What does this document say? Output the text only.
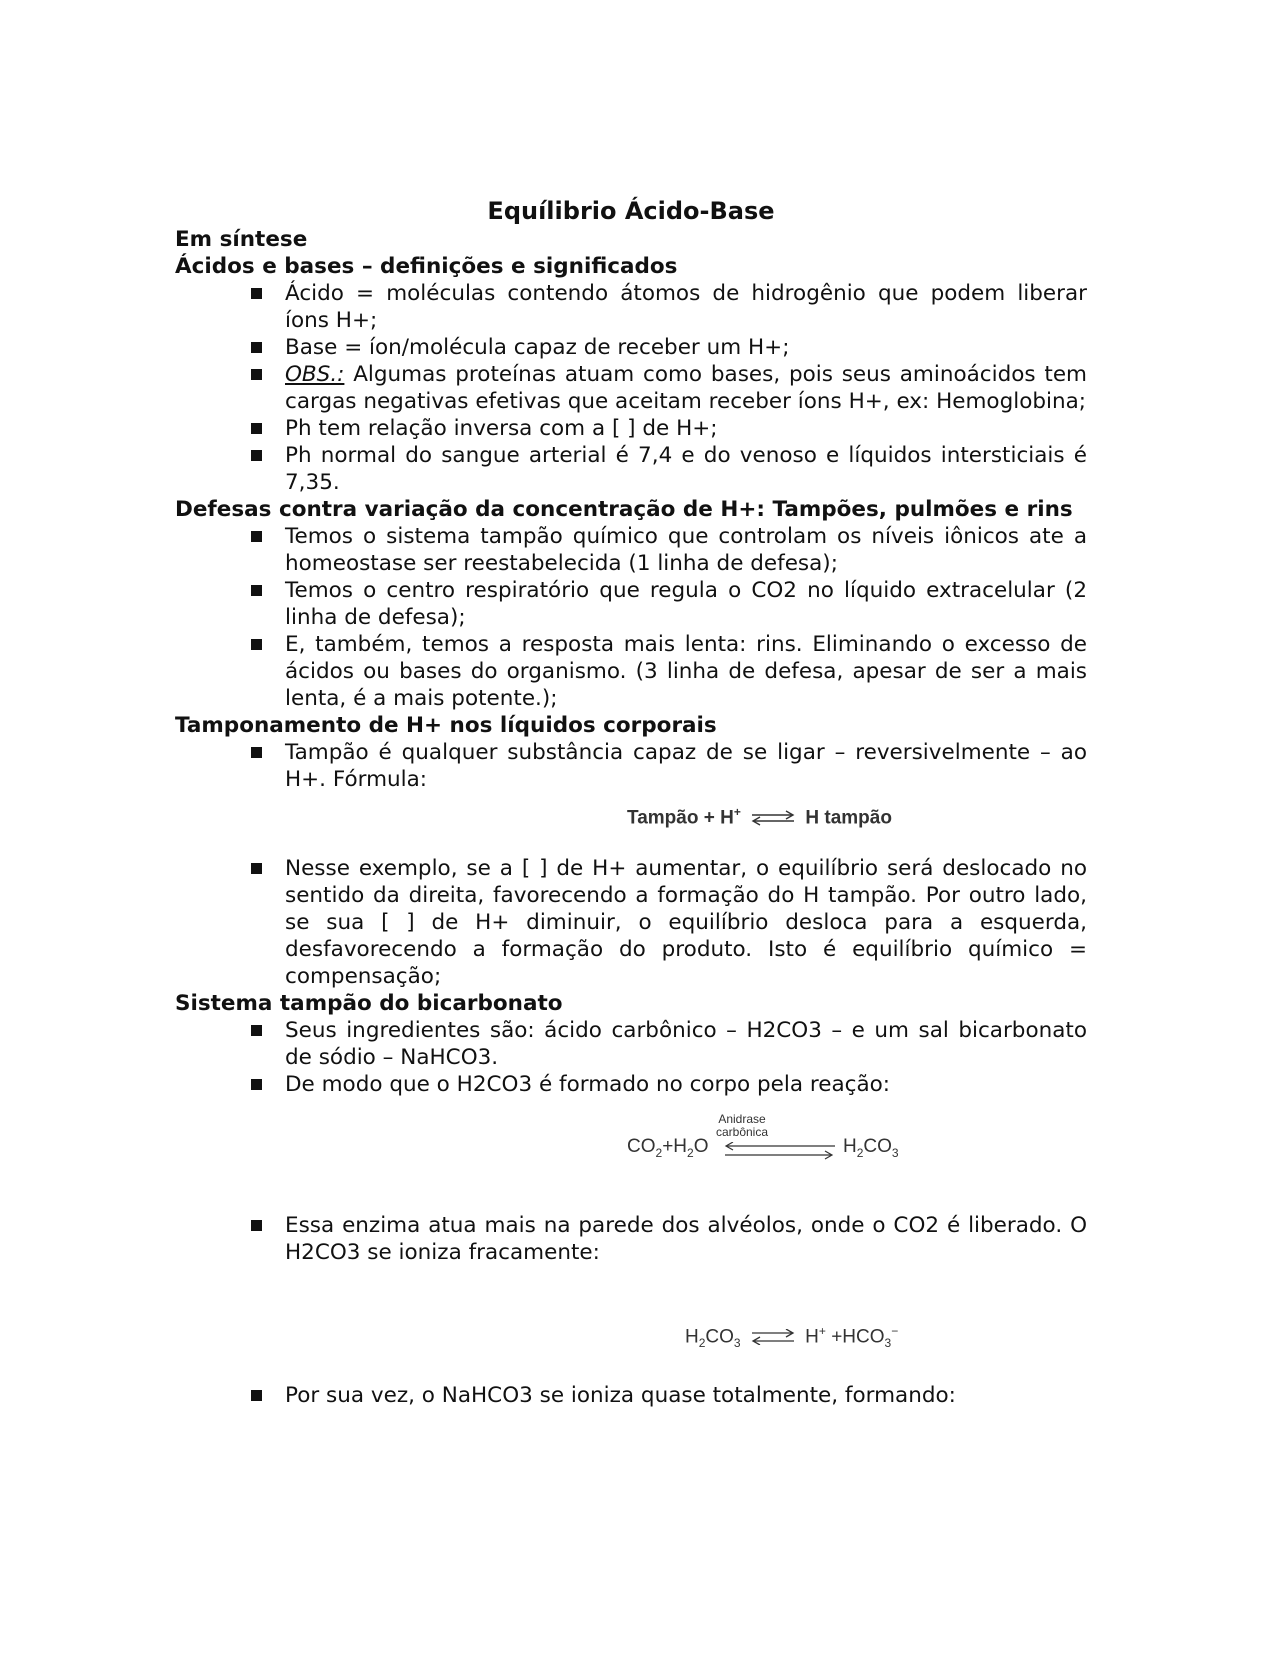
Equílibrio Ácido-Base

Em síntese

Ácidos e bases – definições e significados

Ácido = moléculas contendo átomos de hidrogênio que podem liberar íons H+;
Base = íon/molécula capaz de receber um H+;
OBS.: Algumas proteínas atuam como bases, pois seus aminoácidos tem cargas negativas efetivas que aceitam receber íons H+, ex: Hemoglobina;
Ph tem relação inversa com a [ ] de H+;
Ph normal do sangue arterial é 7,4 e do venoso e líquidos intersticiais é 7,35.

Defesas contra variação da concentração de H+: Tampões, pulmões e rins

Temos o sistema tampão químico que controlam os níveis iônicos ate a homeostase ser reestabelecida (1 linha de defesa);
Temos o centro respiratório que regula o CO2 no líquido extracelular (2 linha de defesa);
E, também, temos a resposta mais lenta: rins. Eliminando o excesso de ácidos ou bases do organismo. (3 linha de defesa, apesar de ser a mais lenta, é a mais potente.);

Tamponamento de H+ nos líquidos corporais

Tampão é qualquer substância capaz de se ligar – reversivelmente – ao H+. Fórmula:
Tampão + H+ ⇌ H tampão
Nesse exemplo, se a [ ] de H+ aumentar, o equilíbrio será deslocado no sentido da direita, favorecendo a formação do H tampão. Por outro lado, se sua [ ] de H+ diminuir, o equilíbrio desloca para a esquerda, desfavorecendo a formação do produto. Isto é equilíbrio químico = compensação;

Sistema tampão do bicarbonato

Seus ingredientes são: ácido carbônico – H2CO3 – e um sal bicarbonato de sódio – NaHCO3.
De modo que o H2CO3 é formado no corpo pela reação:
$CO_2+H_2O$
Anidrase
carbônica
$H_2CO_3$
Essa enzima atua mais na parede dos alvéolos, onde o CO2 é liberado. O H2CO3 se ioniza fracamente:
$H_2CO_3$ ⇌ $H^+ +HCO_3^-$
Por sua vez, o NaHCO3 se ioniza quase totalmente, formando:
